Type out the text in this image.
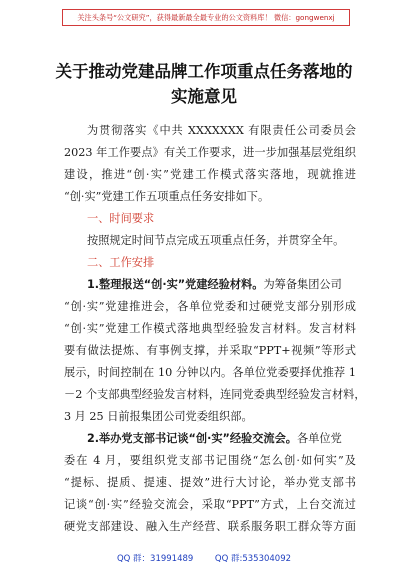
关注头条号“公文研究”，获得最新最全最专业的公文资料库！ 微信：gongwenxj
关于推动党建品牌工作项重点任务落地的
实施意见
为贯彻落实《中共 XXXXXXX 有限责任公司委员会
2023 年工作要点》有关工作要求，进一步加强基层党组织
建设，推进“创·实”党建工作模式落实落地，现就推进
“创·实”党建工作五项重点任务安排如下。
一、时间要求
按照规定时间节点完成五项重点任务，并贯穿全年。
二、工作安排
1.整理报送“创·实”党建经验材料。为筹备集团公司
“创·实”党建推进会，各单位党委和过硬党支部分别形成
“创·实”党建工作模式落地典型经验发言材料。发言材料
要有做法提炼、有事例支撑，并采取“PPT+视频”等形式
展示，时间控制在 10 分钟以内。各单位党委要择优推荐 1
－2 个支部典型经验发言材料，连同党委典型经验发言材料，
3 月 25 日前报集团公司党委组织部。
2.举办党支部书记谈“创·实”经验交流会。各单位党
委在 4 月，要组织党支部书记围绕“怎么创·如何实”及
“提标、提质、提速、提效”进行大讨论，举办党支部书
记谈“创·实”经验交流会，采取“PPT”方式，上台交流过
硬党支部建设、融入生产经营、联系服务职工群众等方面
QQ 群：31991489        QQ 群:535304092
